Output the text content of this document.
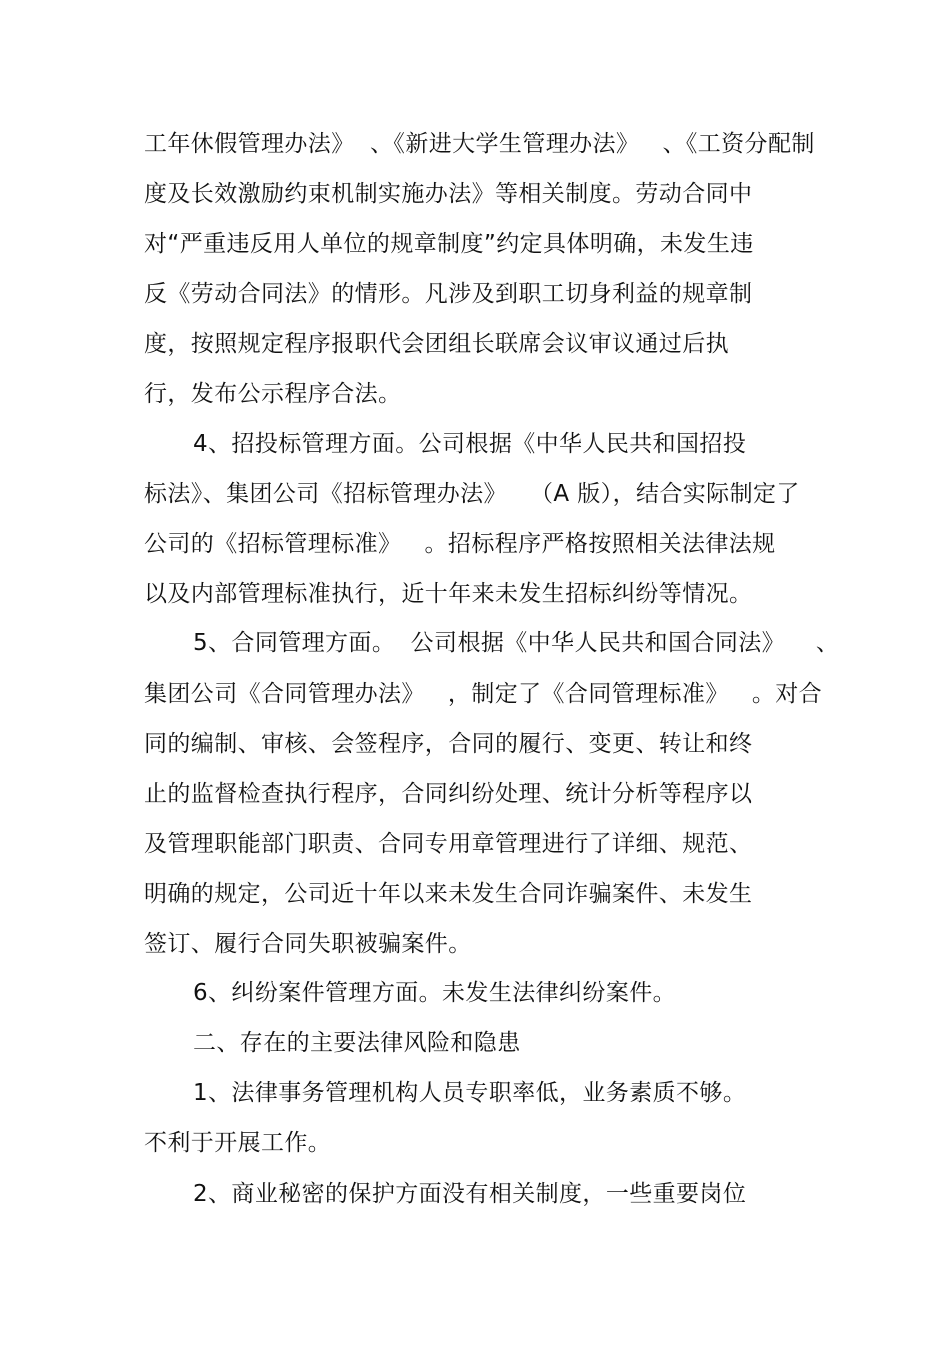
工年休假管理办法》  、《新进大学生管理办法》   、《工资分配制

度及长效激励约束机制实施办法》等相关制度。劳动合同中

对“严重违反用人单位的规章制度”约定具体明确，未发生违

反《劳动合同法》的情形。凡涉及到职工切身利益的规章制

度，按照规定程序报职代会团组长联席会议审议通过后执

行，发布公示程序合法。

4、招投标管理方面。公司根据《中华人民共和国招投

标法》、集团公司《招标管理办法》   （A 版），结合实际制定了

公司的《招标管理标准》   。招标程序严格按照相关法律法规

以及内部管理标准执行，近十年来未发生招标纠纷等情况。

5、合同管理方面。  公司根据《中华人民共和国合同法》    、

集团公司《合同管理办法》   ，制定了《合同管理标准》   。对合

同的编制、审核、会签程序，合同的履行、变更、转让和终

止的监督检查执行程序，合同纠纷处理、统计分析等程序以

及管理职能部门职责、合同专用章管理进行了详细、规范、

明确的规定，公司近十年以来未发生合同诈骗案件、未发生

签订、履行合同失职被骗案件。

6、纠纷案件管理方面。未发生法律纠纷案件。

二、存在的主要法律风险和隐患

1、法律事务管理机构人员专职率低，业务素质不够。

不利于开展工作。

2、商业秘密的保护方面没有相关制度，一些重要岗位
